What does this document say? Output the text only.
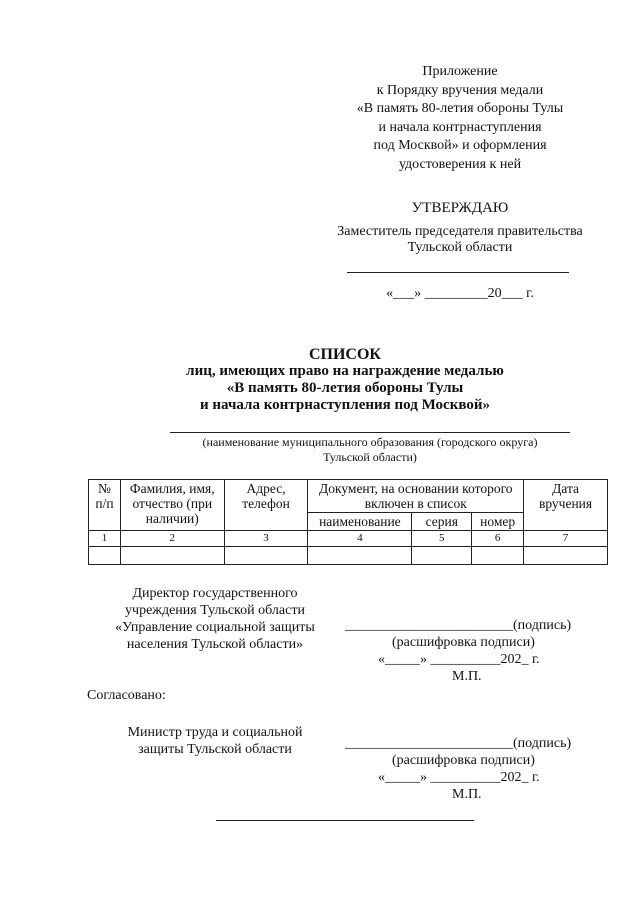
Приложение
к Порядку вручения медали
«В память 80-летия обороны Тулы
и начала контрнаступления
под Москвой» и оформления
удостоверения к ней
УТВЕРЖДАЮ
Заместитель председателя правительства
Тульской области
«___» _________20___ г.
СПИСОК
лиц, имеющих право на награждение медалью
«В память 80-летия обороны Тулы
и начала контрнаступления под Москвой»
(наименование муниципального образования (городского округа)
Тульской области)
№ п/п	Фамилия, имя, отчество (при наличии)	Адрес, телефон	Документ, на основании которого включен в список			Дата вручения
			наименование	серия	номер	
1	2	3	4	5	6	7

Директор государственного
учреждения Тульской области
«Управление социальной защиты
населения Тульской области»
________________________(подпись)
(расшифровка подписи)
«_____» __________202_ г.
М.П.
Согласовано:
Министр труда и социальной
защиты Тульской области	________________________(подпись)
(расшифровка подписи)
«_____» __________202_ г.
М.П.
